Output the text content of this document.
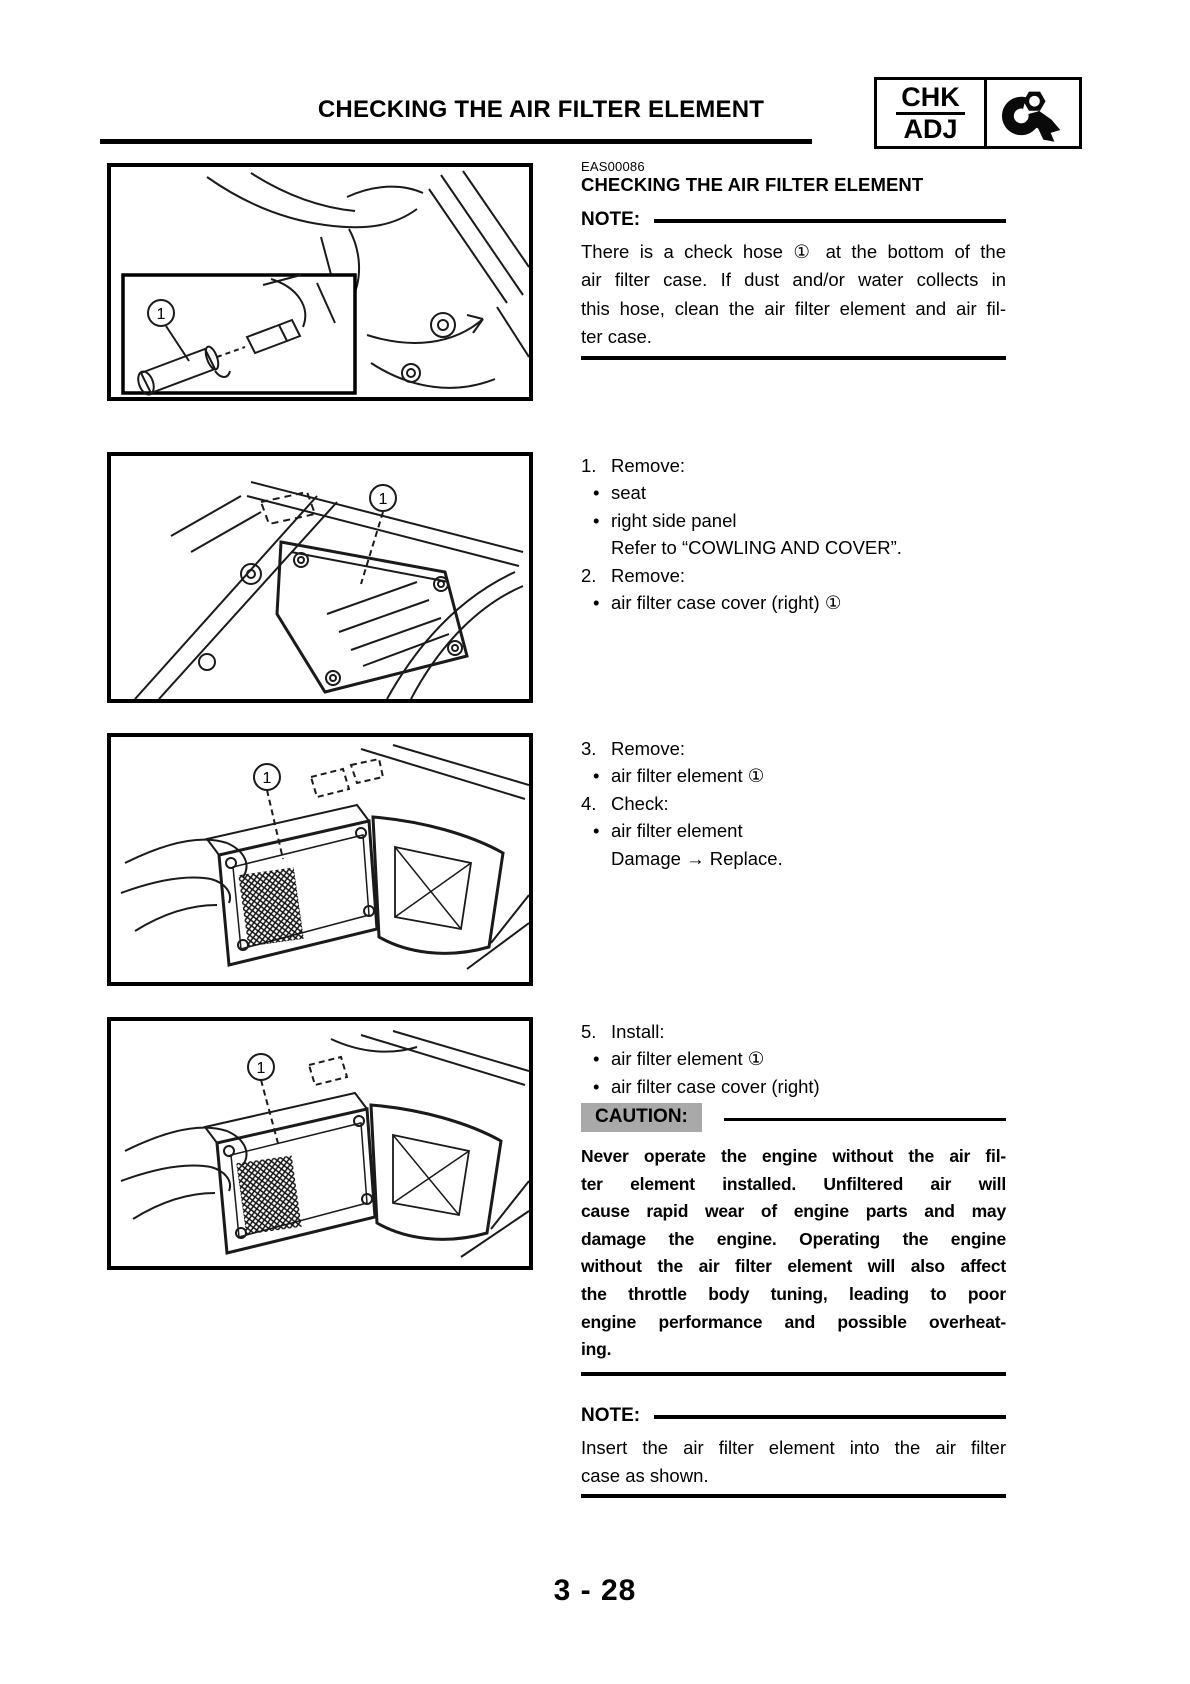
CHECKING THE AIR FILTER ELEMENT	CHK
ADJ
1
1
1
1
EAS00086
CHECKING THE AIR FILTER ELEMENT
NOTE:
There is a check hose ① at the bottom of the
air filter case. If dust and/or water collects in
this hose, clean the air filter element and air fil-
ter case.
1. Remove:
• seat
• right side panel
Refer to “COWLING AND COVER”.
2. Remove:
• air filter case cover (right) ①
3. Remove:
• air filter element ①
4. Check:
• air filter element
Damage → Replace.
5. Install:
• air filter element ①
• air filter case cover (right)
CAUTION:
Never operate the engine without the air fil-
ter element installed. Unfiltered air will
cause rapid wear of engine parts and may
damage the engine. Operating the engine
without the air filter element will also affect
the throttle body tuning, leading to poor
engine performance and possible overheat-
ing.
NOTE:
Insert the air filter element into the air filter
case as shown.
3 - 28
